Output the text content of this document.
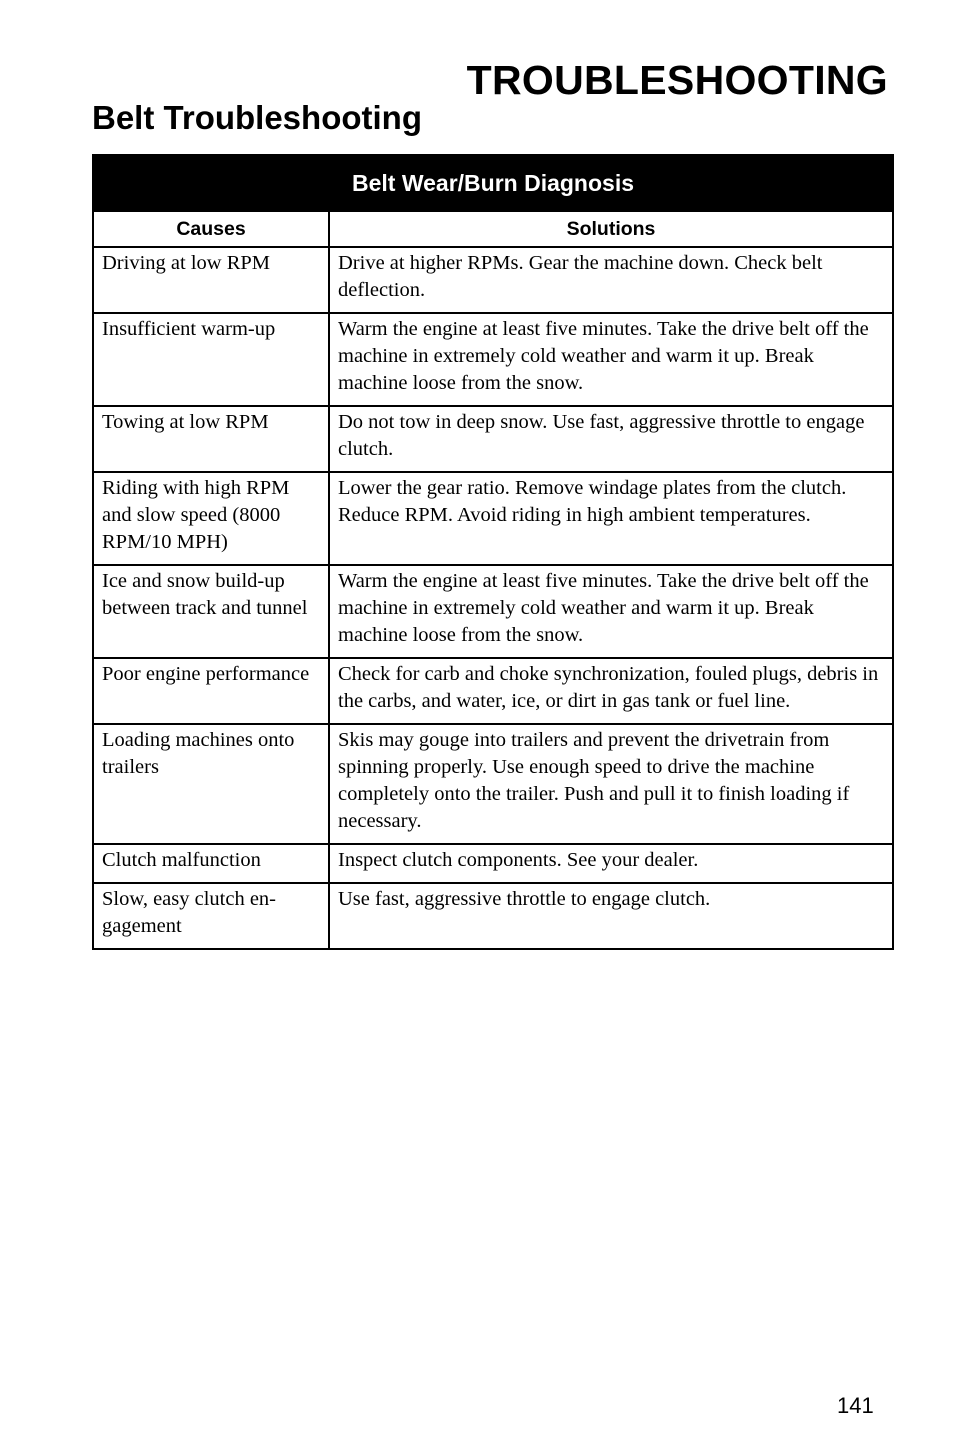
TROUBLESHOOTING
Belt Troubleshooting
Belt Wear/Burn Diagnosis	
Causes	Solutions
Driving at low RPM	Drive at higher RPMs. Gear the machine down. Check belt deflection.
Insufficient warm-up	Warm the engine at least five minutes. Take the drive belt off the machine in extremely cold weather and warm it up. Break machine loose from the snow.
Towing at low RPM	Do not tow in deep snow. Use fast, aggressive throttle to engage clutch.
Riding with high RPM and slow speed (8000 RPM/10 MPH)	Lower the gear ratio. Remove windage plates from the clutch. Reduce RPM. Avoid riding in high ambient temperatures.
Ice and snow build-up between track and tunnel	Warm the engine at least five minutes. Take the drive belt off the machine in extremely cold weather and warm it up. Break machine loose from the snow.
Poor engine performance	Check for carb and choke synchronization, fouled plugs, debris in the carbs, and water, ice, or dirt in gas tank or fuel line.
Loading machines onto trailers	Skis may gouge into trailers and prevent the drivetrain from spinning properly. Use enough speed to drive the machine completely onto the trailer. Push and pull it to finish loading if necessary.
Clutch malfunction	Inspect clutch components. See your dealer.
Slow, easy clutch en-gagement	Use fast, aggressive throttle to engage clutch.
141
